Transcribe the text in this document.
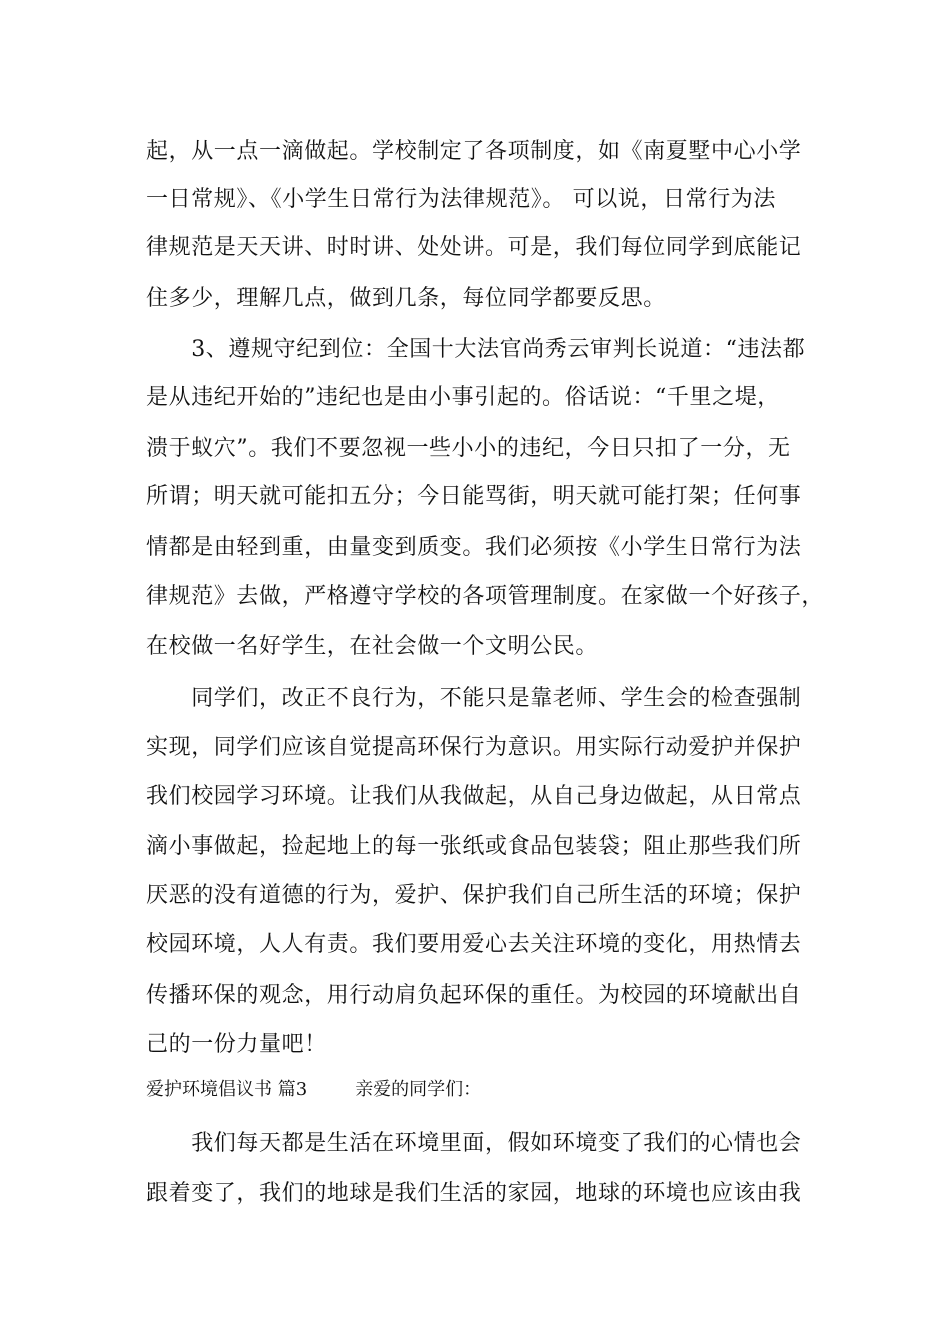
起，从一点一滴做起。学校制定了各项制度，如《南夏墅中心小学
一日常规》、《小学生日常行为法律规范》。 可以说，日常行为法
律规范是天天讲、时时讲、处处讲。可是，我们每位同学到底能记
住多少，理解几点，做到几条，每位同学都要反思。
　　3、遵规守纪到位：全国十大法官尚秀云审判长说道：“违法都
是从违纪开始的”违纪也是由小事引起的。俗话说：“千里之堤，
溃于蚁穴”。我们不要忽视一些小小的违纪，今日只扣了一分，无
所谓；明天就可能扣五分；今日能骂街，明天就可能打架；任何事
情都是由轻到重，由量变到质变。我们必须按《小学生日常行为法
律规范》去做，严格遵守学校的各项管理制度。在家做一个好孩子，
在校做一名好学生，在社会做一个文明公民。
　　同学们，改正不良行为，不能只是靠老师、学生会的检查强制
实现，同学们应该自觉提高环保行为意识。用实际行动爱护并保护
我们校园学习环境。让我们从我做起，从自己身边做起，从日常点
滴小事做起，捡起地上的每一张纸或食品包装袋；阻止那些我们所
厌恶的没有道德的行为，爱护、保护我们自己所生活的环境；保护
校园环境，人人有责。我们要用爱心去关注环境的变化，用热情去
传播环保的观念，用行动肩负起环保的重任。为校园的环境献出自
己的一份力量吧！
爱护环境倡议书 篇3	亲爱的同学们：
　　我们每天都是生活在环境里面，假如环境变了我们的心情也会
跟着变了，我们的地球是我们生活的家园，地球的环境也应该由我
